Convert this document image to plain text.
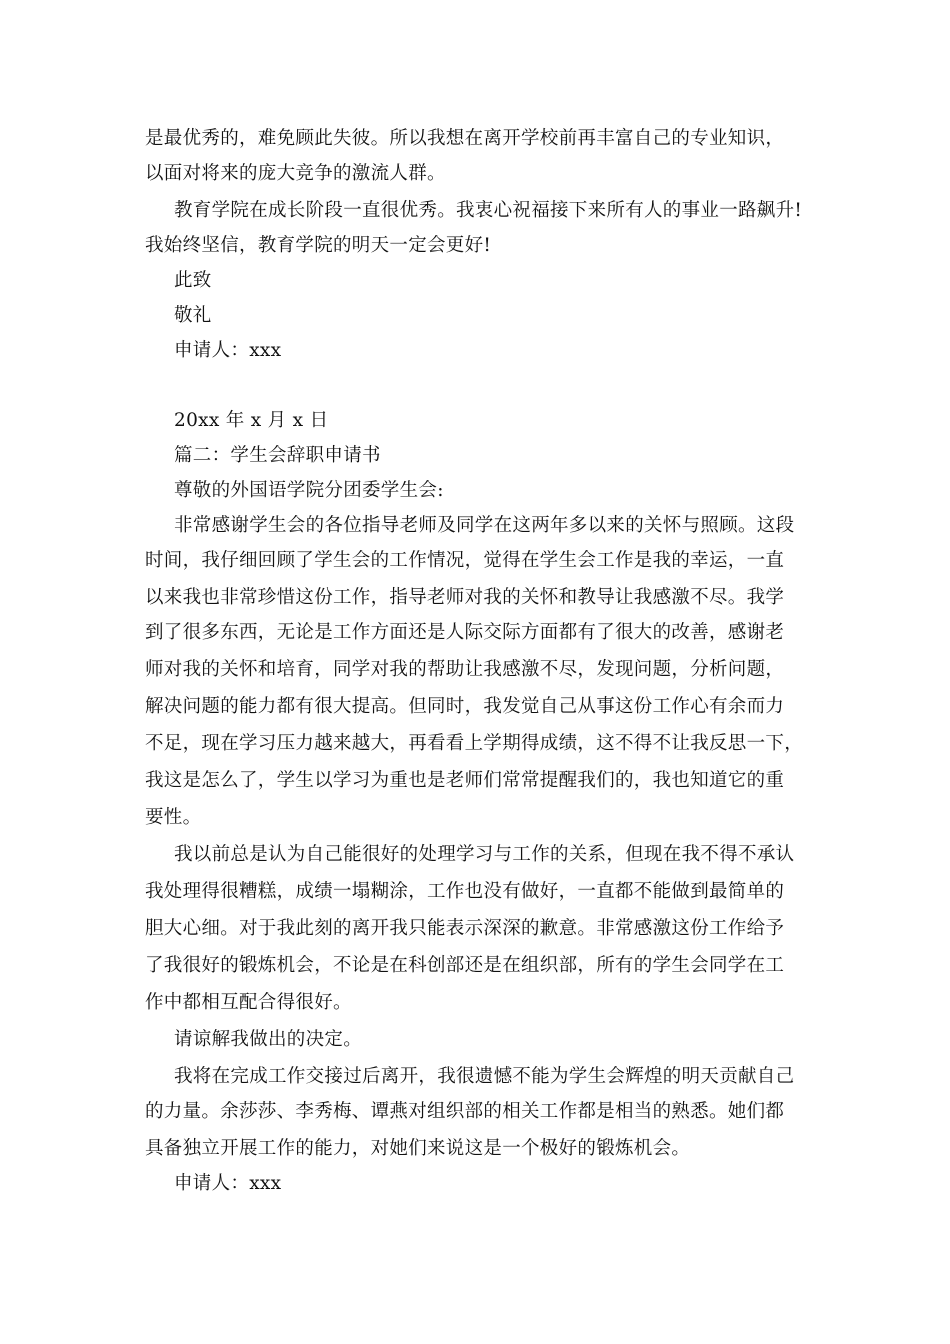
是最优秀的，难免顾此失彼。所以我想在离开学校前再丰富自己的专业知识，
以面对将来的庞大竞争的激流人群。
教育学院在成长阶段一直很优秀。我衷心祝福接下来所有人的事业一路飙升!
我始终坚信，教育学院的明天一定会更好!
此致
敬礼
申请人：xxx
20xx 年 x 月 x 日
篇二：学生会辞职申请书
尊敬的外国语学院分团委学生会:
非常感谢学生会的各位指导老师及同学在这两年多以来的关怀与照顾。这段
时间，我仔细回顾了学生会的工作情况，觉得在学生会工作是我的幸运，一直
以来我也非常珍惜这份工作，指导老师对我的关怀和教导让我感激不尽。我学
到了很多东西，无论是工作方面还是人际交际方面都有了很大的改善，感谢老
师对我的关怀和培育，同学对我的帮助让我感激不尽，发现问题，分析问题，
解决问题的能力都有很大提高。但同时，我发觉自己从事这份工作心有余而力
不足，现在学习压力越来越大，再看看上学期得成绩，这不得不让我反思一下，
我这是怎么了，学生以学习为重也是老师们常常提醒我们的，我也知道它的重
要性。
我以前总是认为自己能很好的处理学习与工作的关系，但现在我不得不承认
我处理得很糟糕，成绩一塌糊涂，工作也没有做好，一直都不能做到最简单的
胆大心细。对于我此刻的离开我只能表示深深的歉意。非常感激这份工作给予
了我很好的锻炼机会，不论是在科创部还是在组织部，所有的学生会同学在工
作中都相互配合得很好。
请谅解我做出的决定。
我将在完成工作交接过后离开，我很遗憾不能为学生会辉煌的明天贡献自己
的力量。余莎莎、李秀梅、谭燕对组织部的相关工作都是相当的熟悉。她们都
具备独立开展工作的能力，对她们来说这是一个极好的锻炼机会。
申请人：xxx
